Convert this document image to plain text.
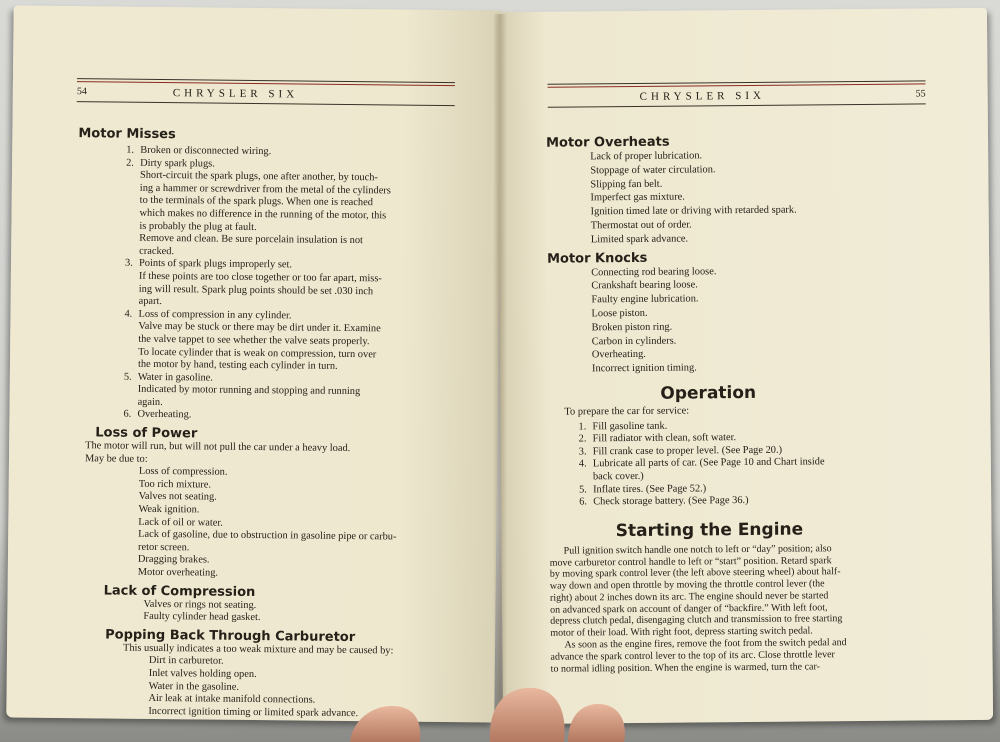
54	CHRYSLER SIX
Motor Misses
1. Broken or disconnected wiring.
2. Dirty spark plugs.
Short-circuit the spark plugs, one after another, by touch-
ing a hammer or screwdriver from the metal of the cylinders
to the terminals of the spark plugs. When one is reached
which makes no difference in the running of the motor, this
is probably the plug at fault.
Remove and clean. Be sure porcelain insulation is not
cracked.
3. Points of spark plugs improperly set.
If these points are too close together or too far apart, miss-
ing will result. Spark plug points should be set .030 inch
apart.
4. Loss of compression in any cylinder.
Valve may be stuck or there may be dirt under it. Examine
the valve tappet to see whether the valve seats properly.
To locate cylinder that is weak on compression, turn over
the motor by hand, testing each cylinder in turn.
5. Water in gasoline.
Indicated by motor running and stopping and running
again.
6. Overheating.
Loss of Power
The motor will run, but will not pull the car under a heavy load.
May be due to:
Loss of compression.
Too rich mixture.
Valves not seating.
Weak ignition.
Lack of oil or water.
Lack of gasoline, due to obstruction in gasoline pipe or carbu-
retor screen.
Dragging brakes.
Motor overheating.
Lack of Compression
Valves or rings not seating.
Faulty cylinder head gasket.
Popping Back Through Carburetor
This usually indicates a too weak mixture and may be caused by:
Dirt in carburetor.
Inlet valves holding open.
Water in the gasoline.
Air leak at intake manifold connections.
Incorrect ignition timing or limited spark advance.
CHRYSLER SIX	55
Motor Overheats
Lack of proper lubrication.
Stoppage of water circulation.
Slipping fan belt.
Imperfect gas mixture.
Ignition timed late or driving with retarded spark.
Thermostat out of order.
Limited spark advance.
Motor Knocks
Connecting rod bearing loose.
Crankshaft bearing loose.
Faulty engine lubrication.
Loose piston.
Broken piston ring.
Carbon in cylinders.
Overheating.
Incorrect ignition timing.
Operation
To prepare the car for service:
1. Fill gasoline tank.
2. Fill radiator with clean, soft water.
3. Fill crank case to proper level. (See Page 20.)
4. Lubricate all parts of car. (See Page 10 and Chart inside
back cover.)
5. Inflate tires. (See Page 52.)
6. Check storage battery. (See Page 36.)
Starting the Engine
Pull ignition switch handle one notch to left or “day” position; also
move carburetor control handle to left or “start” position. Retard spark
by moving spark control lever (the left above steering wheel) about half-
way down and open throttle by moving the throttle control lever (the
right) about 2 inches down its arc. The engine should never be started
on advanced spark on account of danger of “backfire.” With left foot,
depress clutch pedal, disengaging clutch and transmission to free starting
motor of their load. With right foot, depress starting switch pedal.
As soon as the engine fires, remove the foot from the switch pedal and
advance the spark control lever to the top of its arc. Close throttle lever
to normal idling position. When the engine is warmed, turn the car-
